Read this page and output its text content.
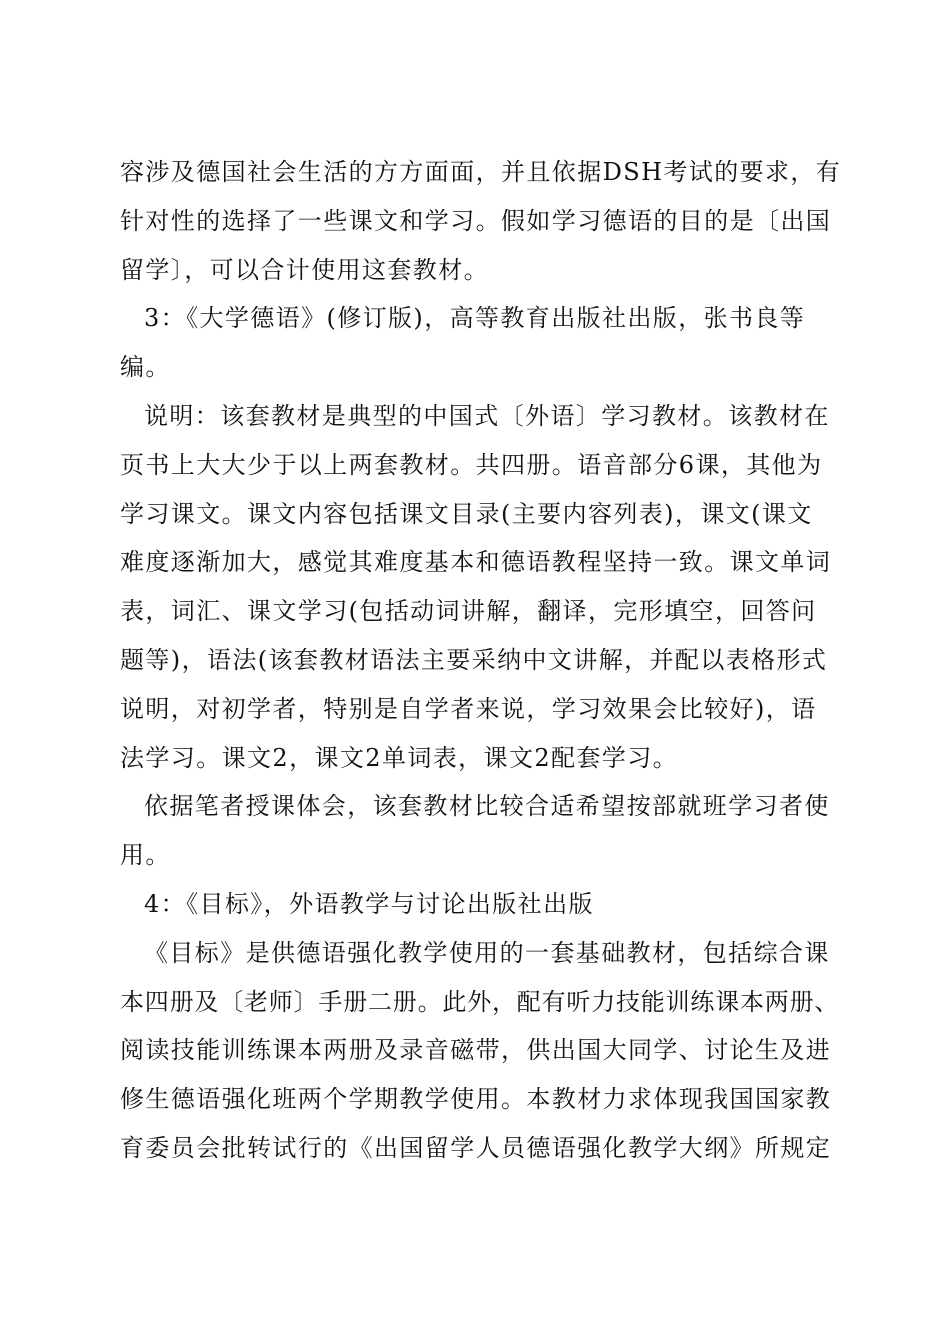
容涉及德国社会生活的方方面面，并且依据DSH考试的要求，有
针对性的选择了一些课文和学习。假如学习德语的目的是〔出国
留学〕，可以合计使用这套教材。
3：《大学德语》(修订版)，高等教育出版社出版，张书良等
编。
说明：该套教材是典型的中国式〔外语〕学习教材。该教材在
页书上大大少于以上两套教材。共四册。语音部分6课，其他为
学习课文。课文内容包括课文目录(主要内容列表)，课文(课文
难度逐渐加大，感觉其难度基本和德语教程坚持一致。课文单词
表，词汇、课文学习(包括动词讲解，翻译，完形填空，回答问
题等)，语法(该套教材语法主要采纳中文讲解，并配以表格形式
说明，对初学者，特别是自学者来说，学习效果会比较好)，语
法学习。课文2，课文2单词表，课文2配套学习。
依据笔者授课体会，该套教材比较合适希望按部就班学习者使
用。
4：《目标》，外语教学与讨论出版社出版
《目标》是供德语强化教学使用的一套基础教材，包括综合课
本四册及〔老师〕手册二册。此外，配有听力技能训练课本两册、
阅读技能训练课本两册及录音磁带，供出国大同学、讨论生及进
修生德语强化班两个学期教学使用。本教材力求体现我国国家教
育委员会批转试行的《出国留学人员德语强化教学大纲》所规定
